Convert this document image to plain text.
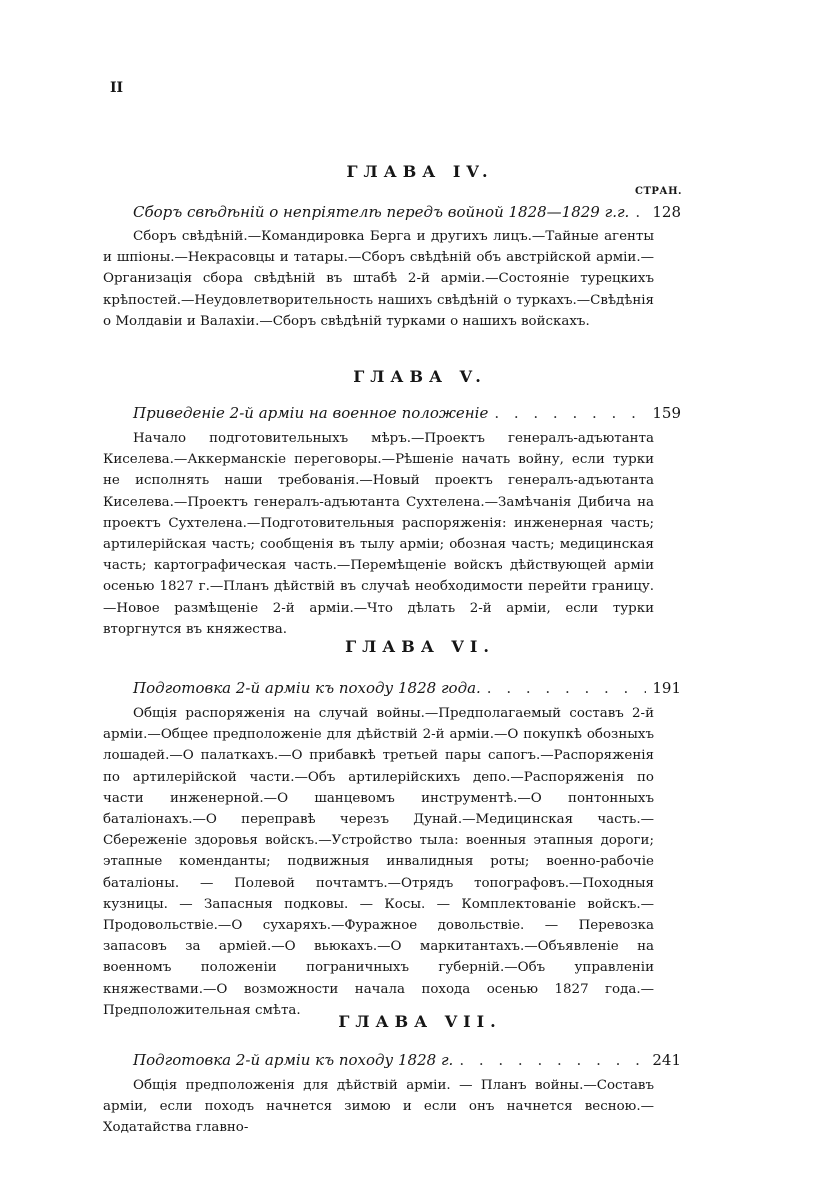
II
ГЛАВА IV.
СТРАН.
Сборъ свѣдѣній о непріятелѣ передъ войной 1828—1829 г.г. . . . 128

Сборъ свѣдѣній.—Командировка Берга и другихъ лицъ.—Тайные агенты и шпіоны.—Некрасовцы и татары.—Сборъ свѣдѣній объ австрійской арміи.—Организація сбора свѣдѣній въ штабѣ 2-й арміи.—Состояніе турецкихъ крѣпостей.—Неудовлетворительность нашихъ свѣдѣній о туркахъ.—Свѣдѣнія о Молдавіи и Валахіи.—Сборъ свѣдѣній турками о нашихъ войскахъ.

ГЛАВА V.
Приведеніе 2-й арміи на военное положеніе . . .	159

Начало подготовительныхъ мѣръ.—Проектъ генералъ-адъютанта Киселева.—Аккерманскіе переговоры.—Рѣшеніе начать войну, если турки не исполнять наши требованія.—Новый проектъ генералъ-адъютанта Киселева.—Проектъ генералъ-адъютанта Сухтелена.—Замѣчанія Дибича на проектъ Сухтелена.—Подготовительныя распоряженія: инженерная часть; артилерійская часть; сообщенія въ тылу арміи; обозная часть; медицинская часть; картографическая часть.—Перемѣщеніе войскъ дѣйствующей арміи осенью 1827 г.—Планъ дѣйствій въ случаѣ необходимости перейти границу.—Новое размѣщеніе 2-й арміи.—Что дѣлать 2-й арміи, если турки вторгнутся въ княжества.

ГЛАВА VI.
Подготовка 2-й арміи къ походу 1828 года. . . .	191

Общія распоряженія на случай войны.—Предполагаемый составъ 2-й арміи.—Общее предположеніе для дѣйствій 2-й арміи.—О покупкѣ обозныхъ лошадей.—О палаткахъ.—О прибавкѣ третьей пары сапогъ.—Распоряженія по артилерійской части.—Объ артилерійскихъ депо.—Распоряженія по части инженерной.—О шанцевомъ инструментѣ.—О понтонныхъ баталіонахъ.—О переправѣ черезъ Дунай.—Медицинская часть.—Сбереженіе здоровья войскъ.—Устройство тыла: военныя этапныя дороги; этапные коменданты; подвижныя инвалидныя роты; военно-рабочіе баталіоны. — Полевой почтамтъ.—Отрядъ топографовъ.—Походныя кузницы. — Запасныя подковы. — Косы. — Комплектованіе войскъ.—Продовольствіе.—О сухаряхъ.—Фуражное довольствіе. — Перевозка запасовъ за арміей.—О вьюкахъ.—О маркитантахъ.—Объявленіе на военномъ положеніи пограничныхъ губерній.—Объ управленіи княжествами.—О возможности начала похода осенью 1827 года.—Предположительная смѣта.

ГЛАВА VII.
Подготовка 2-й арміи къ походу 1828 г. . . .	241

Общія предположенія для дѣйствій арміи. — Планъ войны.—Составъ арміи, если походъ начнется зимою и если онъ начнется весною.—Ходатайства главно-
